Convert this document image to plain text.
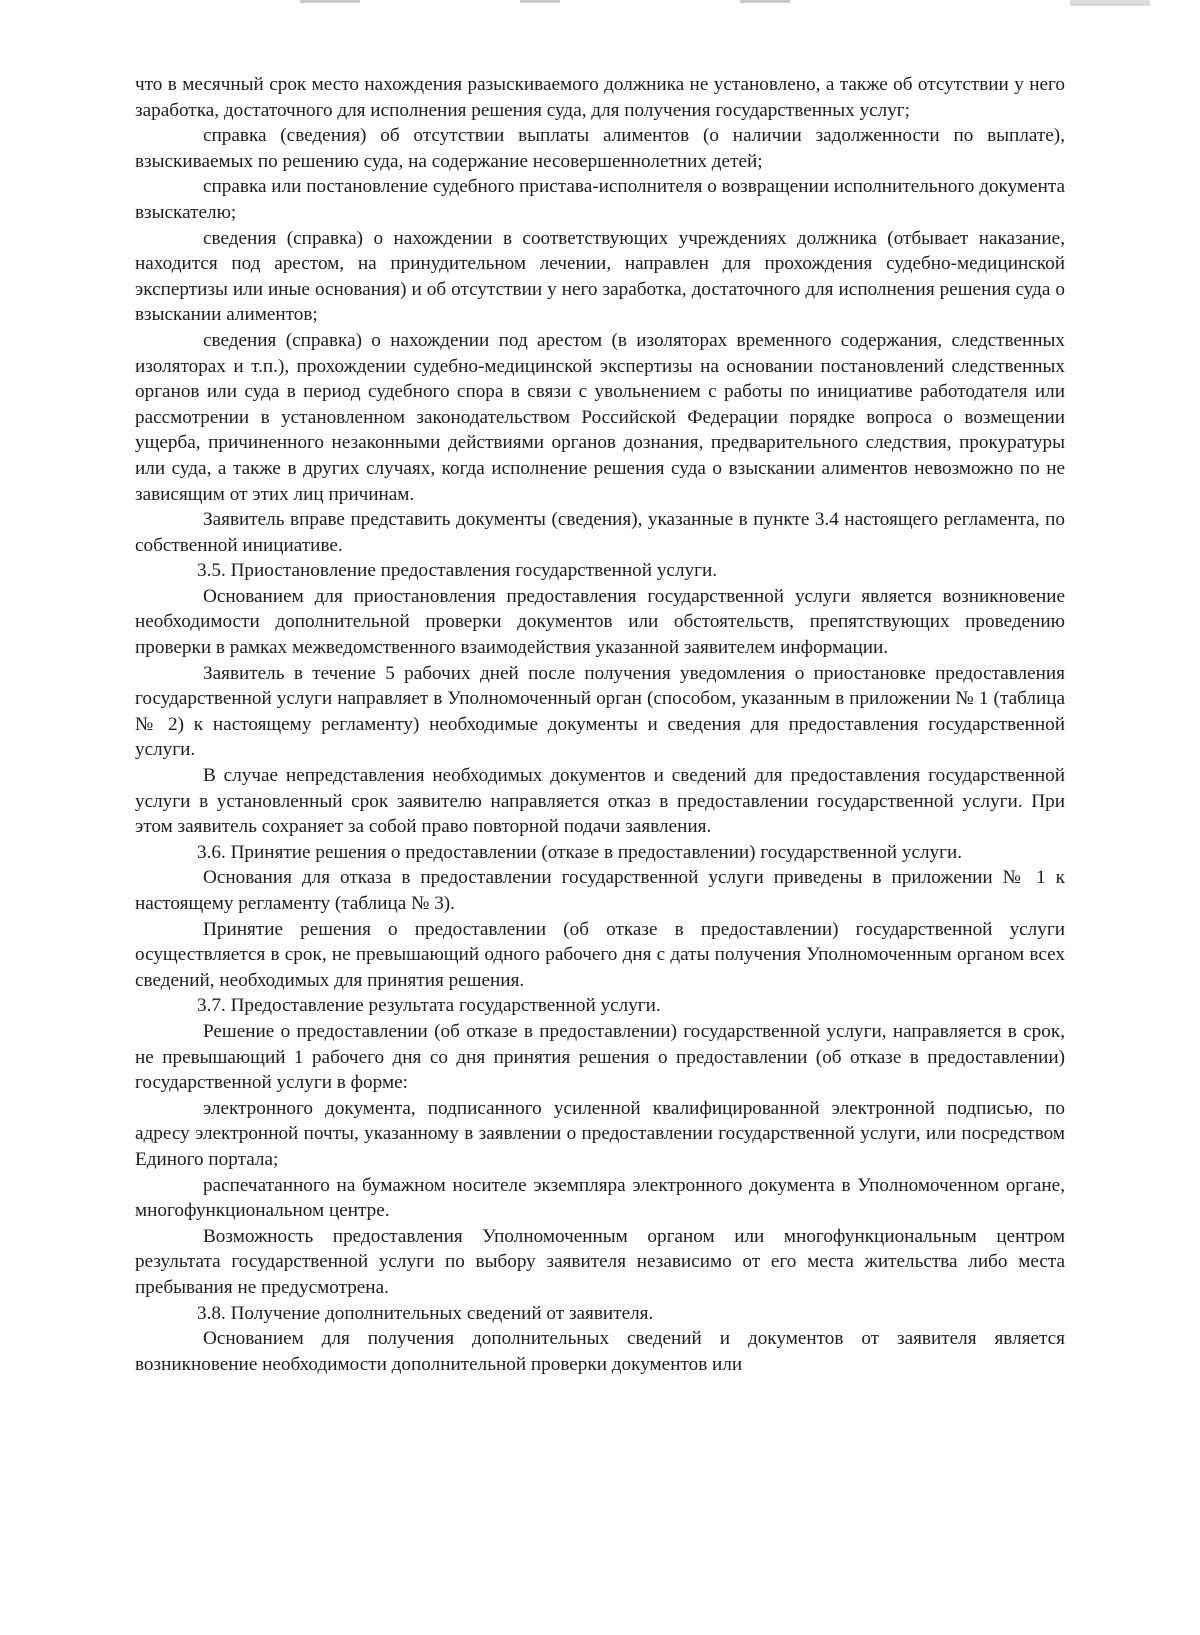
что в месячный срок место нахождения разыскиваемого должника не установлено, а также об отсутствии у него заработка, достаточного для исполнения решения суда, для получения государственных услуг;

справка (сведения) об отсутствии выплаты алиментов (о наличии задолженности по выплате), взыскиваемых по решению суда, на содержание несовершеннолетних детей;

справка или постановление судебного пристава-исполнителя о возвращении исполнительного документа взыскателю;

сведения (справка) о нахождении в соответствующих учреждениях должника (отбывает наказание, находится под арестом, на принудительном лечении, направлен для прохождения судебно-медицинской экспертизы или иные основания) и об отсутствии у него заработка, достаточного для исполнения решения суда о взыскании алиментов;

сведения (справка) о нахождении под арестом (в изоляторах временного содержания, следственных изоляторах и т.п.), прохождении судебно-медицинской экспертизы на основании постановлений следственных органов или суда в период судебного спора в связи с увольнением с работы по инициативе работодателя или рассмотрении в установленном законодательством Российской Федерации порядке вопроса о возмещении ущерба, причиненного незаконными действиями органов дознания, предварительного следствия, прокуратуры или суда, а также в других случаях, когда исполнение решения суда о взыскании алиментов невозможно по не зависящим от этих лиц причинам.

Заявитель вправе представить документы (сведения), указанные в пункте 3.4 настоящего регламента, по собственной инициативе.

3.5. Приостановление предоставления государственной услуги.

Основанием для приостановления предоставления государственной услуги является возникновение необходимости дополнительной проверки документов или обстоятельств, препятствующих проведению проверки в рамках межведомственного взаимодействия указанной заявителем информации.

Заявитель в течение 5 рабочих дней после получения уведомления о приостановке предоставления государственной услуги направляет в Уполномоченный орган (способом, указанным в приложении № 1 (таблица № 2) к настоящему регламенту) необходимые документы и сведения для предоставления государственной услуги.

В случае непредставления необходимых документов и сведений для предоставления государственной услуги в установленный срок заявителю направляется отказ в предоставлении государственной услуги. При этом заявитель сохраняет за собой право повторной подачи заявления.

3.6. Принятие решения о предоставлении (отказе в предоставлении) государственной услуги.

Основания для отказа в предоставлении государственной услуги приведены в приложении № 1 к настоящему регламенту (таблица № 3).

Принятие решения о предоставлении (об отказе в предоставлении) государственной услуги осуществляется в срок, не превышающий одного рабочего дня с даты получения Уполномоченным органом всех сведений, необходимых для принятия решения.

3.7. Предоставление результата государственной услуги.

Решение о предоставлении (об отказе в предоставлении) государственной услуги, направляется в срок, не превышающий 1 рабочего дня со дня принятия решения о предоставлении (об отказе в предоставлении) государственной услуги в форме:

электронного документа, подписанного усиленной квалифицированной электронной подписью, по адресу электронной почты, указанному в заявлении о предоставлении государственной услуги, или посредством Единого портала;

распечатанного на бумажном носителе экземпляра электронного документа в Уполномоченном органе, многофункциональном центре.

Возможность предоставления Уполномоченным органом или многофункциональным центром результата государственной услуги по выбору заявителя независимо от его места жительства либо места пребывания не предусмотрена.

3.8. Получение дополнительных сведений от заявителя.

Основанием для получения дополнительных сведений и документов от заявителя является возникновение необходимости дополнительной проверки документов или
